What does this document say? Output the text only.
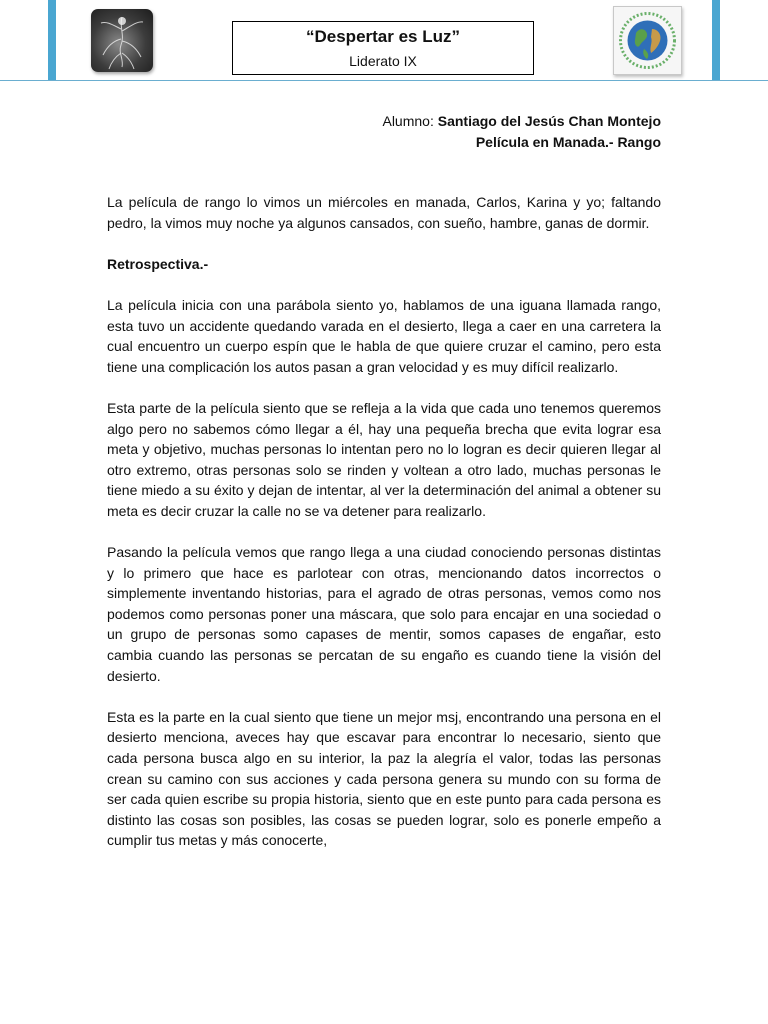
“Despertar es Luz”
Liderato IX
Alumno: Santiago del Jesús Chan Montejo
Película en Manada.- Rango

La película de rango lo vimos un miércoles en manada, Carlos, Karina y yo; faltando pedro, la vimos muy noche ya algunos cansados, con sueño, hambre, ganas de dormir.

Retrospectiva.-

La película inicia con una parábola siento yo, hablamos de una iguana llamada rango, esta tuvo un accidente quedando varada en el desierto, llega a caer en una carretera la cual encuentro un cuerpo espín que le habla de que quiere cruzar el camino, pero esta tiene una complicación los autos pasan a gran velocidad y es muy difícil realizarlo.

Esta parte de la película siento que se refleja a la vida que cada uno tenemos queremos algo pero no sabemos cómo llegar a él, hay una pequeña brecha que evita lograr esa meta y objetivo, muchas personas lo intentan pero no lo logran es decir quieren llegar al otro extremo, otras personas solo se rinden y voltean a otro lado, muchas personas le tiene miedo a su éxito y dejan de intentar, al ver la determinación del animal a obtener su meta es decir cruzar la calle no se va detener para realizarlo.

Pasando la película vemos que rango llega a una ciudad conociendo personas distintas y lo primero que hace es parlotear con otras, mencionando datos incorrectos o simplemente inventando historias, para el agrado de otras personas, vemos como nos podemos como personas poner una máscara, que solo para encajar en una sociedad o un grupo de personas somo capases de mentir, somos capases de engañar, esto cambia cuando las personas se percatan de su engaño es cuando tiene la visión del desierto.

Esta es la parte en la cual siento que tiene un mejor msj, encontrando una persona en el desierto menciona, aveces hay que escavar para encontrar lo necesario, siento que cada persona busca algo en su interior, la paz la alegría el valor, todas las personas crean su camino con sus acciones y cada persona genera su mundo con su forma de ser cada quien escribe su propia historia, siento que en este punto para cada persona es distinto las cosas son posibles, las cosas se pueden lograr, solo es ponerle empeño a cumplir tus metas y más conocerte,
